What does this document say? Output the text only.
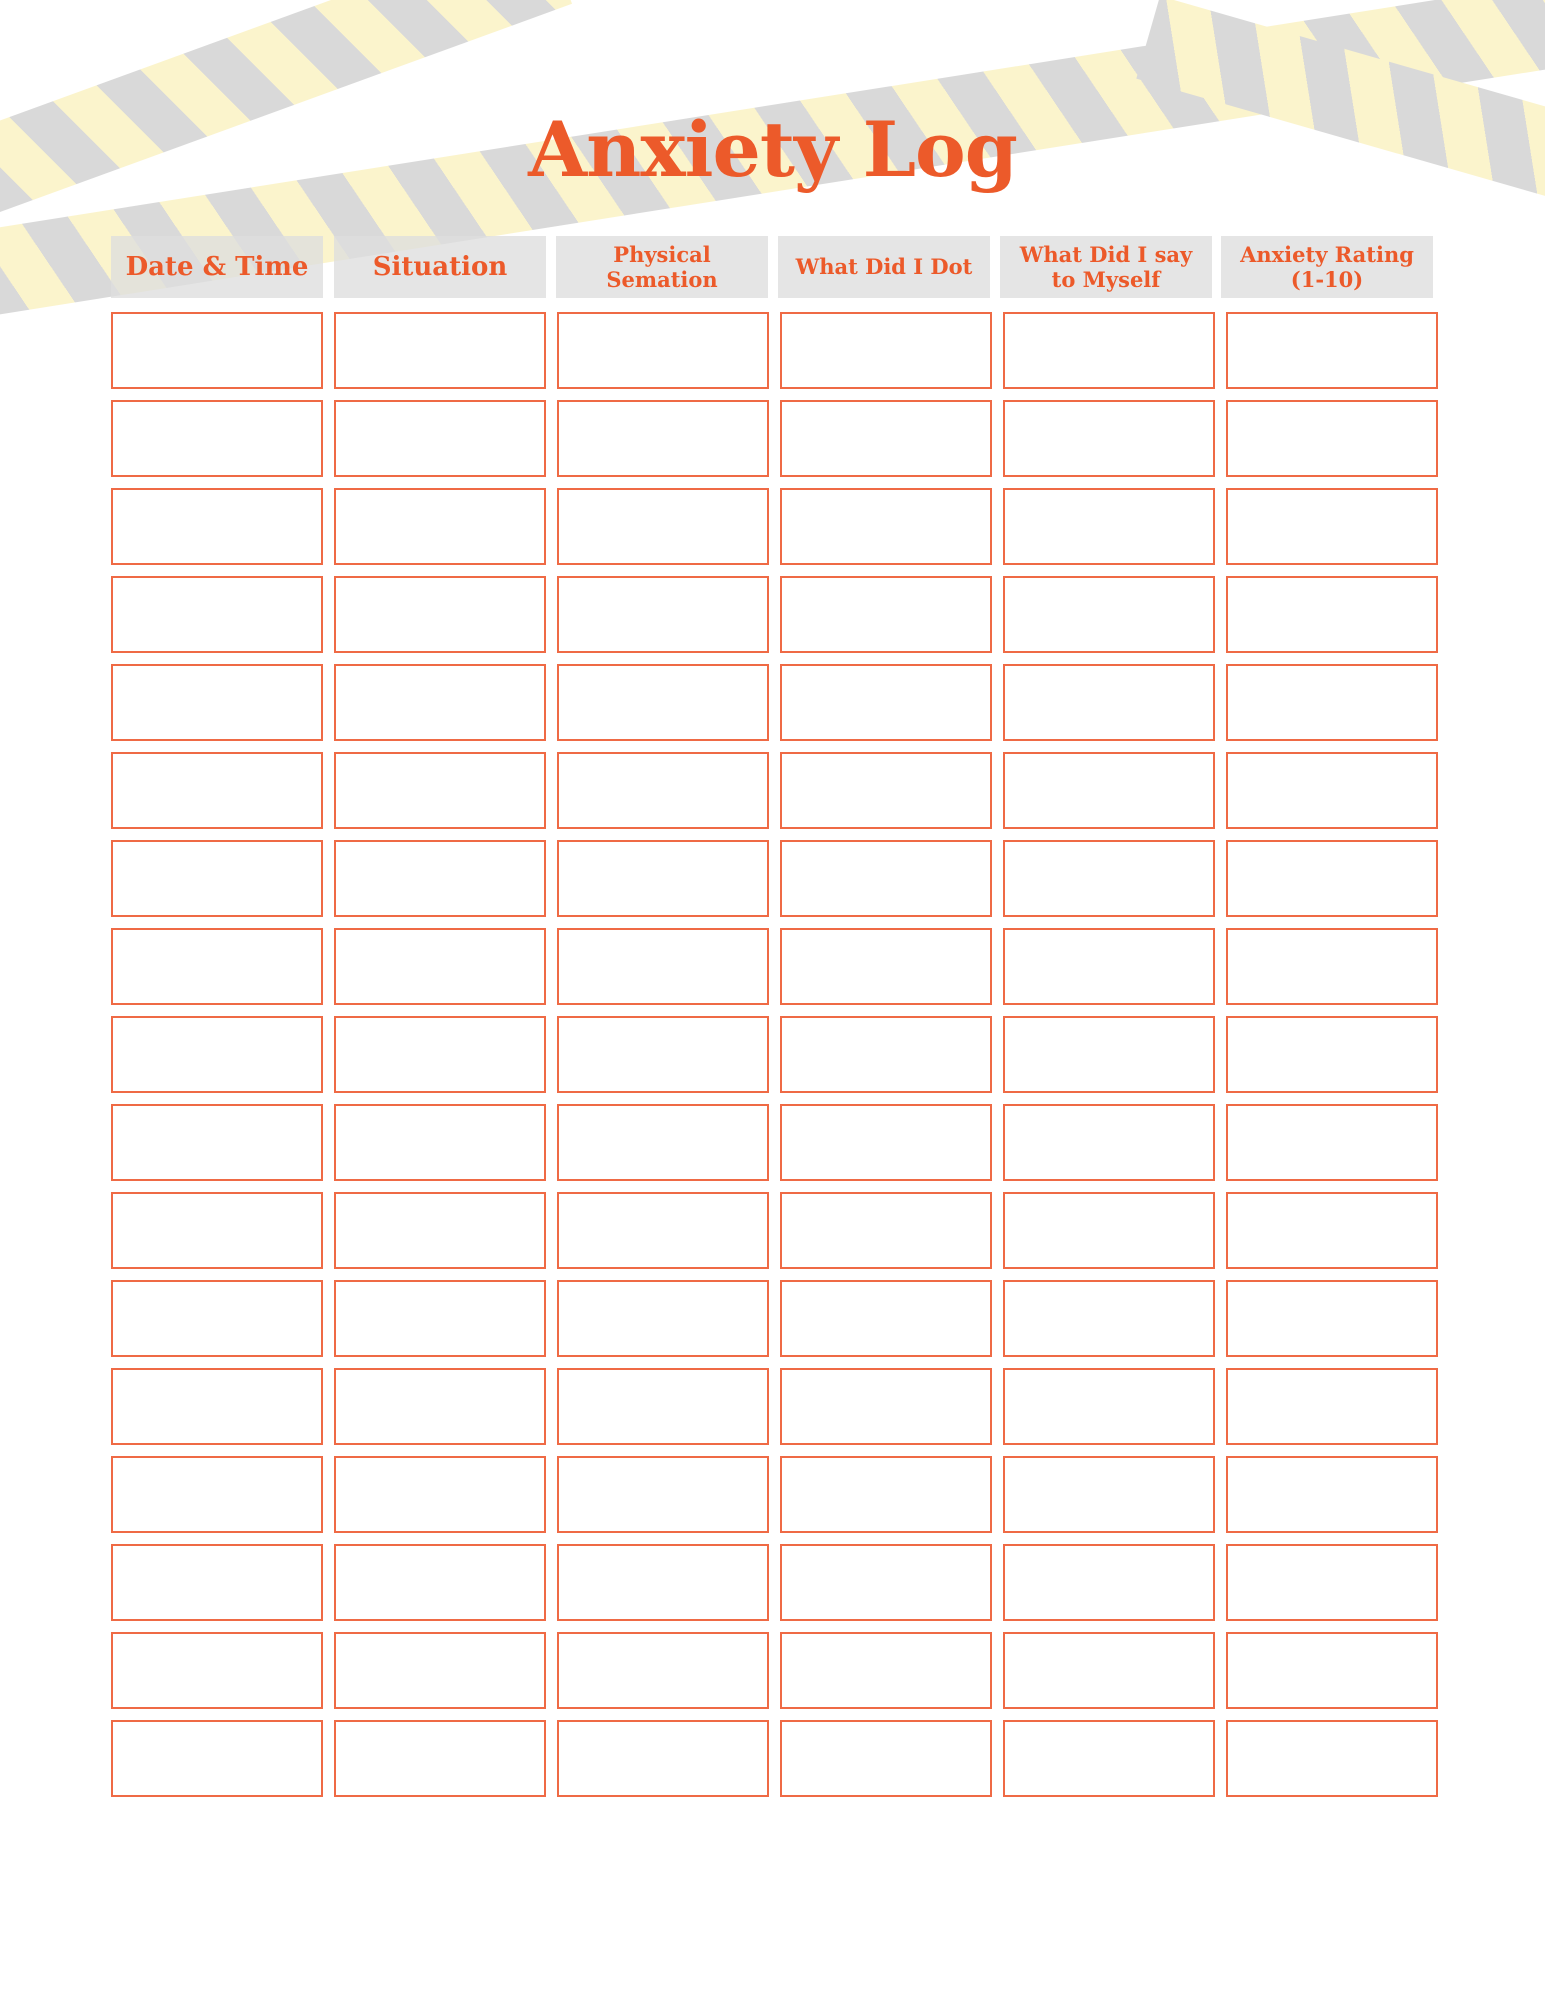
Anxiety Log
Date & Time Situation	Physical Semation
What Did I Dot
What Did I say to Myself
Anxiety Rating (1-10)
